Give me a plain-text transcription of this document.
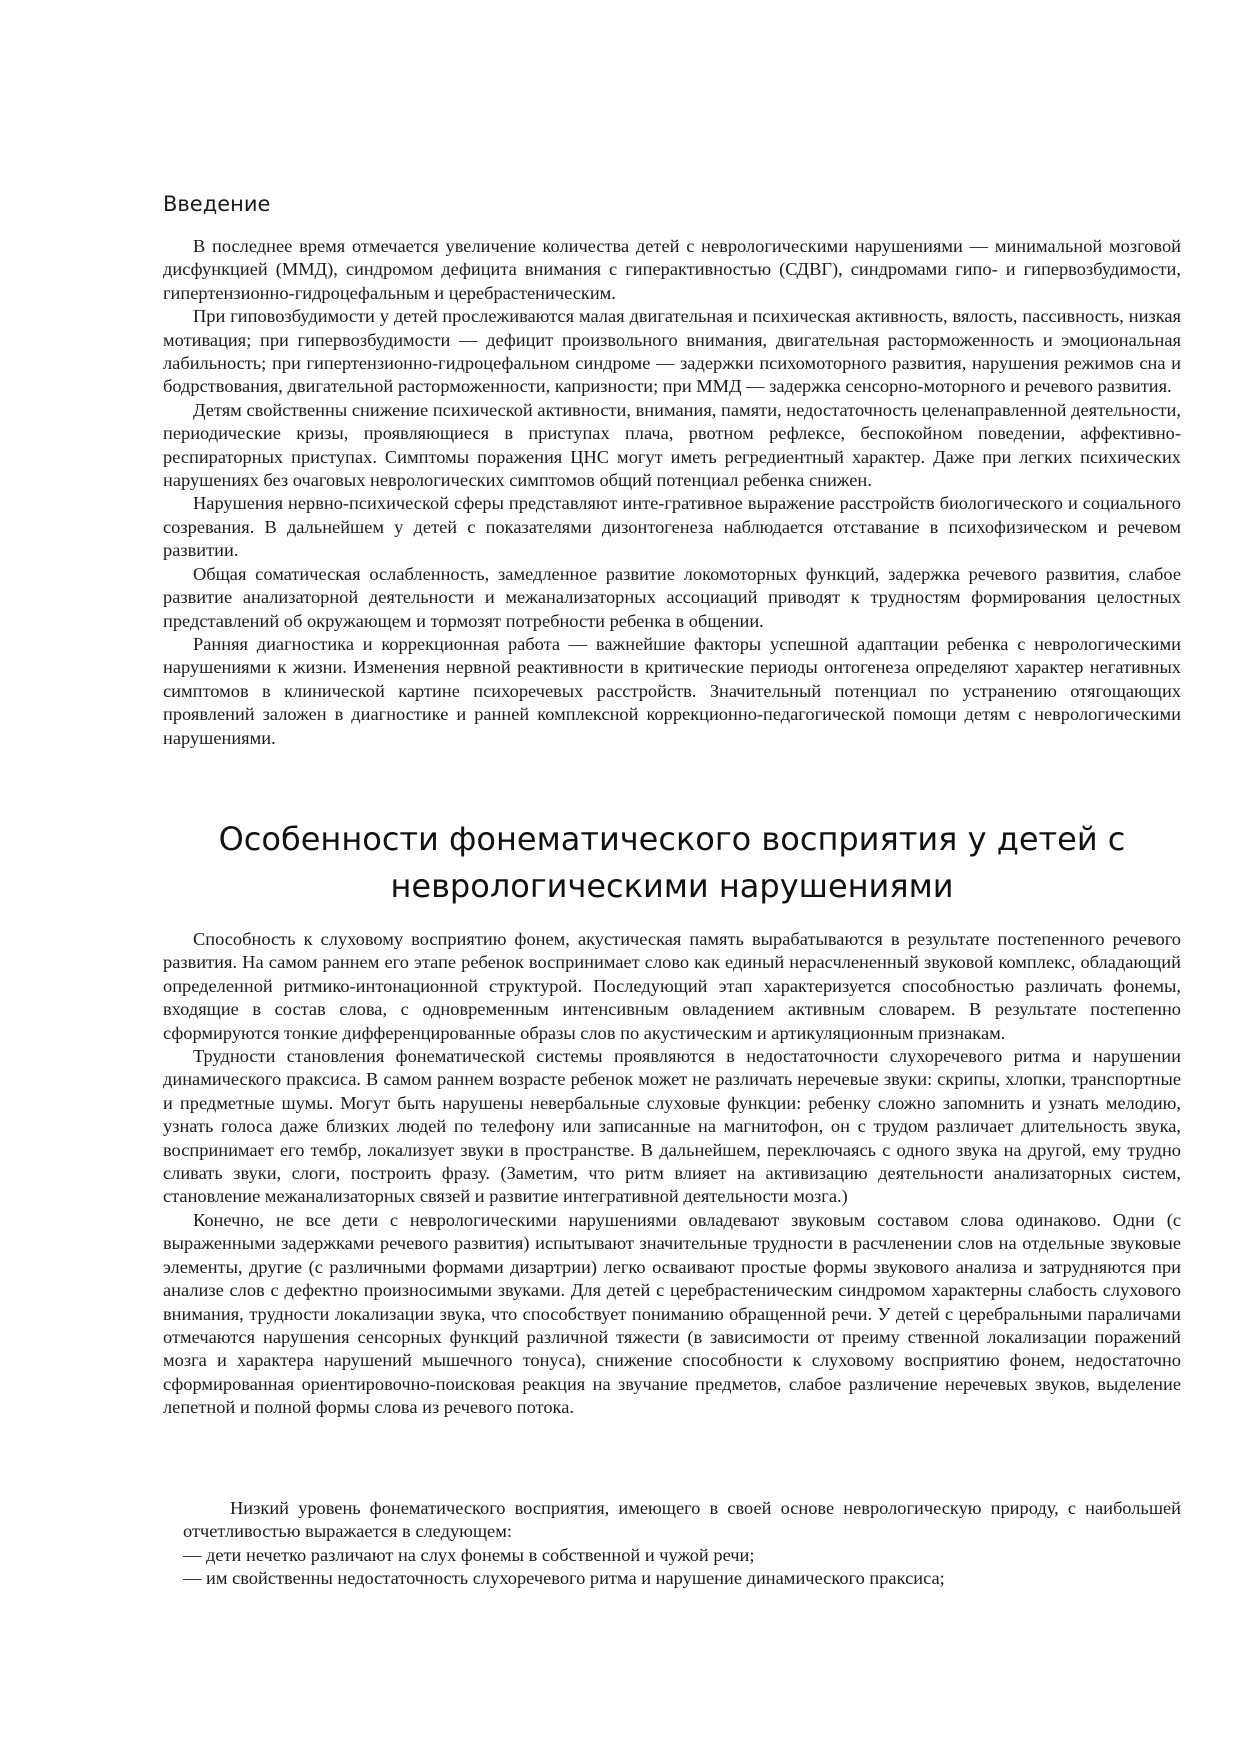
Введение

В последнее время отмечается увеличение количества детей с неврологическими нарушениями — минимальной мозговой дисфункцией (ММД), синдромом дефицита внимания с гиперактивностью (СДВГ), синдромами гипо- и гипервозбудимости, гипертензионно-гидроцефальным и церебрастеническим.

При гиповозбудимости у детей прослеживаются малая двигательная и психическая активность, вялость, пассивность, низкая мотивация; при гипервозбудимости — дефицит произвольного внимания, двигательная расторможенность и эмоциональная лабильность; при гипертензионно-гидроцефальном синдроме — задержки психомоторного развития, нарушения режимов сна и бодрствования, двигательной расторможенности, капризности; при ММД — задержка сенсорно-моторного и речевого развития.

Детям свойственны снижение психической активности, внимания, памяти, недостаточность целенаправленной деятельности, периодические кризы, проявляющиеся в приступах плача, рвотном рефлексе, беспокойном поведении, аффективно-респираторных приступах. Симптомы поражения ЦНС могут иметь регредиентный характер. Даже при легких психических нарушениях без очаговых неврологических симптомов общий потенциал ребенка снижен.

Нарушения нервно-психической сферы представляют инте-гративное выражение расстройств биологического и социального созревания. В дальнейшем у детей с показателями дизонтогенеза наблюдается отставание в психофизическом и речевом развитии.

Общая соматическая ослабленность, замедленное развитие локомоторных функций, задержка речевого развития, слабое развитие анализаторной деятельности и межанализаторных ассоциаций приводят к трудностям формирования целостных представлений об окружающем и тормозят потребности ребенка в общении.

Ранняя диагностика и коррекционная работа — важнейшие факторы успешной адаптации ребенка с неврологическими нарушениями к жизни. Изменения нервной реактивности в критические периоды онтогенеза определяют характер негативных симптомов в клинической картине психоречевых расстройств. Значительный потенциал по устранению отягощающих проявлений заложен в диагностике и ранней комплексной коррекционно-педагогической помощи детям с неврологическими нарушениями.

Особенности фонематического восприятия у детей с
неврологическими нарушениями

Способность к слуховому восприятию фонем, акустическая память вырабатываются в результате постепенного речевого развития. На самом раннем его этапе ребенок воспринимает слово как единый нерасчлененный звуковой комплекс, обладающий определенной ритмико-интонационной структурой. Последующий этап характеризуется способностью различать фонемы, входящие в состав слова, с одновременным интенсивным овладением активным словарем. В результате постепенно сформируются тонкие дифференцированные образы слов по акустическим и артикуляционным признакам.

Трудности становления фонематической системы проявляются в недостаточности слухоречевого ритма и нарушении динамического праксиса. В самом раннем возрасте ребенок может не различать неречевые звуки: скрипы, хлопки, транспортные и предметные шумы. Могут быть нарушены невербальные слуховые функции: ребенку сложно запомнить и узнать мелодию, узнать голоса даже близких людей по телефону или записанные на магнитофон, он с трудом различает длительность звука, воспринимает его тембр, локализует звуки в пространстве. В дальнейшем, переключаясь с одного звука на другой, ему трудно сливать звуки, слоги, построить фразу. (Заметим, что ритм влияет на активизацию деятельности анализаторных систем, становление межанализаторных связей и развитие интегративной деятельности мозга.)

Конечно, не все дети с неврологическими нарушениями овладевают звуковым составом слова одинаково. Одни (с выраженными задержками речевого развития) испытывают значительные трудности в расчленении слов на отдельные звуковые элементы, другие (с различными формами дизартрии) легко осваивают простые формы звукового анализа и затрудняются при анализе слов с дефектно произносимыми звуками. Для детей с церебрастеническим синдромом характерны слабость слухового внимания, трудности локализации звука, что способствует пониманию обращенной речи. У детей с церебральными параличами отмечаются нарушения сенсорных функций различной тяжести (в зависимости от преиму ственной локализации поражений мозга и характера нарушений мышечного тонуса), снижение способности к слуховому восприятию фонем, недостаточно сформированная ориентировочно-поисковая реакция на звучание предметов, слабое различение неречевых звуков, выделение лепетной и полной формы слова из речевого потока.

Низкий уровень фонематического восприятия, имеющего в своей основе неврологическую природу, с наибольшей отчетливостью выражается в следующем:

— дети нечетко различают на слух фонемы в собственной и чужой речи;

— им свойственны недостаточность слухоречевого ритма и нарушение динамического праксиса;
